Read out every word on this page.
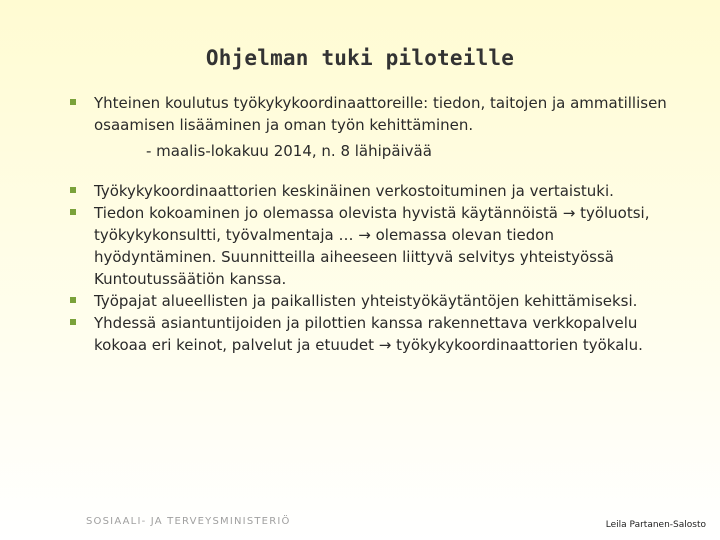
Ohjelman tuki piloteille
Yhteinen koulutus työkykykoordinaattoreille: tiedon, taitojen ja ammatillisen osaamisen lisääminen ja oman työn kehittäminen.
- maalis-lokakuu 2014, n. 8 lähipäivää
Työkykykoordinaattorien keskinäinen verkostoituminen ja vertaistuki.
Tiedon kokoaminen jo olemassa olevista hyvistä käytännöistä → työluotsi, työkykykonsultti, työvalmentaja … → olemassa olevan tiedon hyödyntäminen. Suunnitteilla aiheeseen liittyvä selvitys yhteistyössä Kuntoutussäätiön kanssa.
Työpajat alueellisten ja paikallisten yhteistyökäytäntöjen kehittämiseksi.
Yhdessä asiantuntijoiden ja pilottien kanssa rakennettava verkkopalvelu kokoaa eri keinot, palvelut ja etuudet → työkykykoordinaattorien työkalu.
SOSIAALI- JA TERVEYSMINISTERIÖ	Leila Partanen-Salosto
